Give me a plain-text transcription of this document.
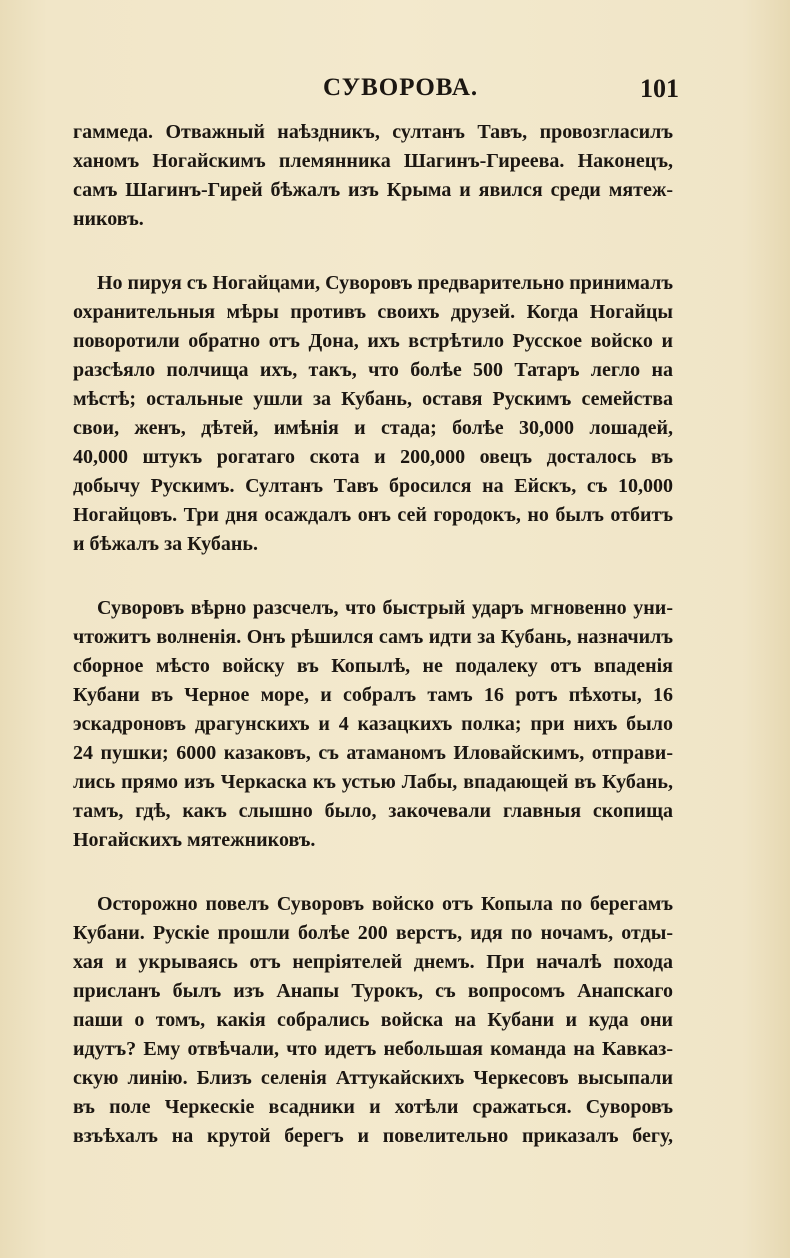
СУВОРОВА.	101

гаммеда. Отважный наѣздникъ, султанъ Тавъ, провозгласилъ
ханомъ Ногайскимъ племянника Шагинъ-Гиреева. Наконецъ,
самъ Шагинъ-Гирей бѣжалъ изъ Крыма и явился среди мятеж-
никовъ.

Но пируя съ Ногайцами, Суворовъ предварительно принималъ
охранительныя мѣры противъ своихъ друзей. Когда Ногайцы
поворотили обратно отъ Дона, ихъ встрѣтило Русское войско и
разсѣяло полчища ихъ, такъ, что болѣе 500 Татаръ легло на
мѣстѣ; остальные ушли за Кубань, оставя Рускимъ семейства
свои, женъ, дѣтей, имѣнія и стада; болѣе 30,000 лошадей,
40,000 штукъ рогатаго скота и 200,000 овецъ досталось въ
добычу Рускимъ. Султанъ Тавъ бросился на Ейскъ, съ 10,000
Ногайцовъ. Три дня осаждалъ онъ сей городокъ, но былъ отбитъ
и бѣжалъ за Кубань.

Суворовъ вѣрно разсчелъ, что быстрый ударъ мгновенно уни-
чтожитъ волненія. Онъ рѣшился самъ идти за Кубань, назначилъ
сборное мѣсто войску въ Копылѣ, не подалеку отъ впаденія
Кубани въ Черное море, и собралъ тамъ 16 ротъ пѣхоты, 16
эскадроновъ драгунскихъ и 4 казацкихъ полка; при нихъ было
24 пушки; 6000 казаковъ, съ атаманомъ Иловайскимъ, отправи-
лись прямо изъ Черкаска къ устью Лабы, впадающей въ Кубань,
тамъ, гдѣ, какъ слышно было, закочевали главныя скопища
Ногайскихъ мятежниковъ.

Осторожно повелъ Суворовъ войско отъ Копыла по берегамъ
Кубани. Рускіе прошли болѣе 200 верстъ, идя по ночамъ, отды-
хая и укрываясь отъ непріятелей днемъ. При началѣ похода
присланъ былъ изъ Анапы Турокъ, съ вопросомъ Анапскаго
паши о томъ, какія собрались войска на Кубани и куда они
идутъ? Ему отвѣчали, что идетъ небольшая команда на Кавказ-
скую линію. Близъ селенія Аттукайскихъ Черкесовъ высыпали
въ поле Черкескіе всадники и хотѣли сражаться. Суворовъ
взъѣхалъ на крутой берегъ и повелительно приказалъ бегу,
